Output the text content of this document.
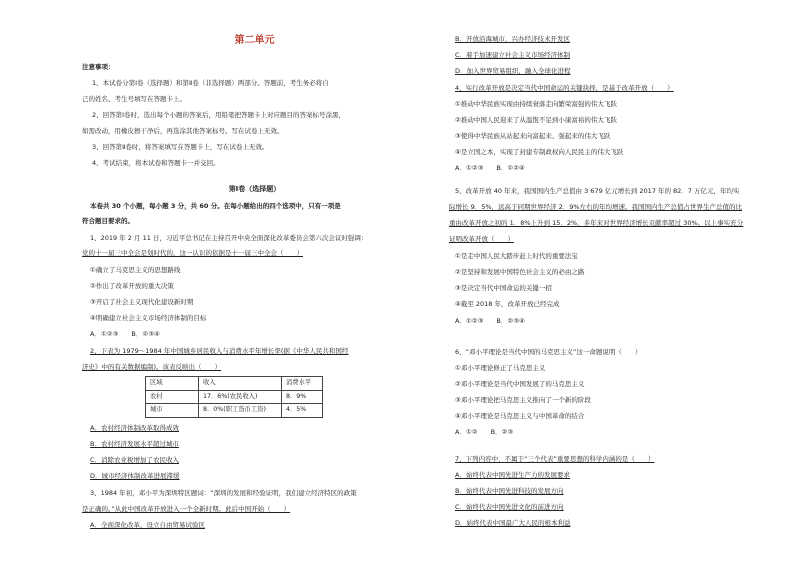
第二单元
注意事项：
1、本试卷分第Ⅰ卷（选择题）和第Ⅱ卷（非选择题）两部分。答题前，考生务必将自
己的姓名、考生号填写在答题卡上。
2、回答第Ⅰ卷时，选出每个小题的答案后，用铅笔把答题卡上对应题目的答案标号涂黑，
如需改动，用橡皮擦干净后，再选涂其他答案标号。写在试卷上无效。
3、回答第Ⅱ卷时，将答案填写在答题卡上，写在试卷上无效。
4、考试结束，将本试卷和答题卡一并交回。
第Ⅰ卷（选择题）
本卷共 30 个小题，每小题 3 分，共 60 分。在每小题给出的四个选项中，只有一项是
符合题目要求的。
1、2019 年 2 月 11 日，习近平总书记在主持召开中央全面深化改革委员会第六次会议时强调：
党的十一届三中全会是划时代的，这一认识的依据是十一届三中全会（　　）
①确立了马克思主义的思想路线
②作出了改革开放的重大决策
③开启了社会主义现代化建设新时期
④明确建立社会主义市场经济体制的目标
A．①②③　　B．②③④
2、下表为 1979～1984 年中国城乡居民收入与消费水平年增长率(据《中华人民共和国经
济史》中的有关数据编制)。该表反映出（　　）
区域	收入	消费水平
农村	17．6%(农民收入)	8．9%
城市	8．0%(职工货币工资)	4．5%
A．农村经济体制改革取得成效
B．农村经济发展水平超过城市
C．消除农业税增加了农民收入
D．城市经济体制改革进展滞缓
3、1984 年初，邓小平为深圳特区题词：“深圳的发展和经验证明，我们建立经济特区的政策
是正确的。”从此中国改革开放进入一个全新时期。此后中国开始（　　）
A．全面深化改革，设立自由贸易试验区
B．开放沿海城市，兴办经济技术开发区
C．着手加速建立社会主义市场经济体制
D．加入世界贸易组织，融入全球化进程
4、实行改革开放是决定当代中国命运的关键抉择，是基于改革开放（　　）
①推动中华民族实现由持续衰落走向繁荣富强的伟大飞跃
②推动中国人民迎来了从温饱不足到小康富裕的伟大飞跃
③使得中华民族从站起来向富起来、强起来的伟大飞跃
④是立国之本，实现了封建专制政权向人民民主的伟大飞跃
A．①②③　　B．①②④
5、改革开放 40 年来，我国国内生产总值由 3 679 亿元增长到 2017 年的 82．7 万亿元，年均实
际增长 9．5%，远高于同期世界经济 2．9%左右的年均增速。我国国内生产总值占世界生产总值的比
重由改革开放之初的 1．8%上升到 15．2%，多年来对世界经济增长贡献率超过 30%。以上事实充分
证明改革开放（　　）
①是走中国人民大踏步赶上时代的重要法宝
②是坚持和发展中国特色社会主义的必由之路
③是决定当代中国命运的关键一招
④截至 2018 年，改革开放已经完成
A．①②③　　B．②③④
6、“邓小平理论是当代中国的马克思主义”这一命题说明（　　）
①邓小平理论修正了马克思主义
②邓小平理论是当代中国发展了的马克思主义
③邓小平理论把马克思主义推向了一个新的阶段
④邓小平理论是马克思主义与中国革命的结合
A．①②　　B．②③
7、下列内容中，不属于“三个代表”重要思想的科学内涵的是（　　）
A．始终代表中国先进生产力的发展要求
B．始终代表中国先进科技的发展方向
C．始终代表中国先进文化的前进方向
D．始终代表中国最广大人民的根本利益
